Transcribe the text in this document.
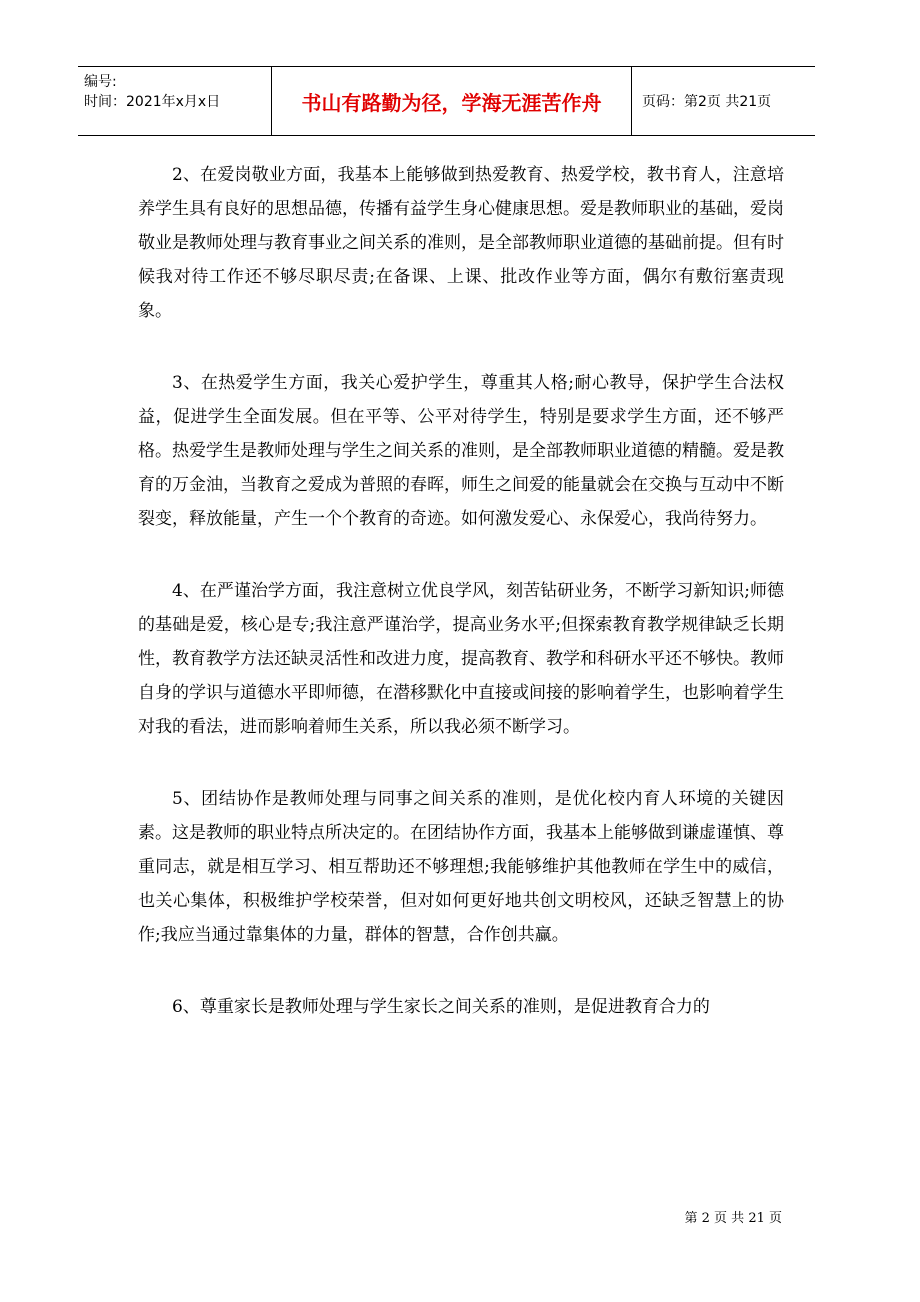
编号:
时间：2021年x月x日	书山有路勤为径，学海无涯苦作舟	页码：第2页 共21页

2、在爱岗敬业方面，我基本上能够做到热爱教育、热爱学校，教书育人，注意培养学生具有良好的思想品德，传播有益学生身心健康思想。爱是教师职业的基础，爱岗敬业是教师处理与教育事业之间关系的准则，是全部教师职业道德的基础前提。但有时候我对待工作还不够尽职尽责;在备课、上课、批改作业等方面，偶尔有敷衍塞责现象。

3、在热爱学生方面，我关心爱护学生，尊重其人格;耐心教导，保护学生合法权益，促进学生全面发展。但在平等、公平对待学生，特别是要求学生方面，还不够严格。热爱学生是教师处理与学生之间关系的准则，是全部教师职业道德的精髓。爱是教育的万金油，当教育之爱成为普照的春晖，师生之间爱的能量就会在交换与互动中不断裂变，释放能量，产生一个个教育的奇迹。如何激发爱心、永保爱心，我尚待努力。

4、在严谨治学方面，我注意树立优良学风，刻苦钻研业务，不断学习新知识;师德的基础是爱，核心是专;我注意严谨治学，提高业务水平;但探索教育教学规律缺乏长期性，教育教学方法还缺灵活性和改进力度，提高教育、教学和科研水平还不够快。教师自身的学识与道德水平即师德，在潜移默化中直接或间接的影响着学生，也影响着学生对我的看法，进而影响着师生关系，所以我必须不断学习。

5、团结协作是教师处理与同事之间关系的准则，是优化校内育人环境的关键因素。这是教师的职业特点所决定的。在团结协作方面，我基本上能够做到谦虚谨慎、尊重同志，就是相互学习、相互帮助还不够理想;我能够维护其他教师在学生中的威信，也关心集体，积极维护学校荣誉，但对如何更好地共创文明校风，还缺乏智慧上的协作;我应当通过靠集体的力量，群体的智慧，合作创共赢。

6、尊重家长是教师处理与学生家长之间关系的准则，是促进教育合力的

第 2 页 共 21 页
